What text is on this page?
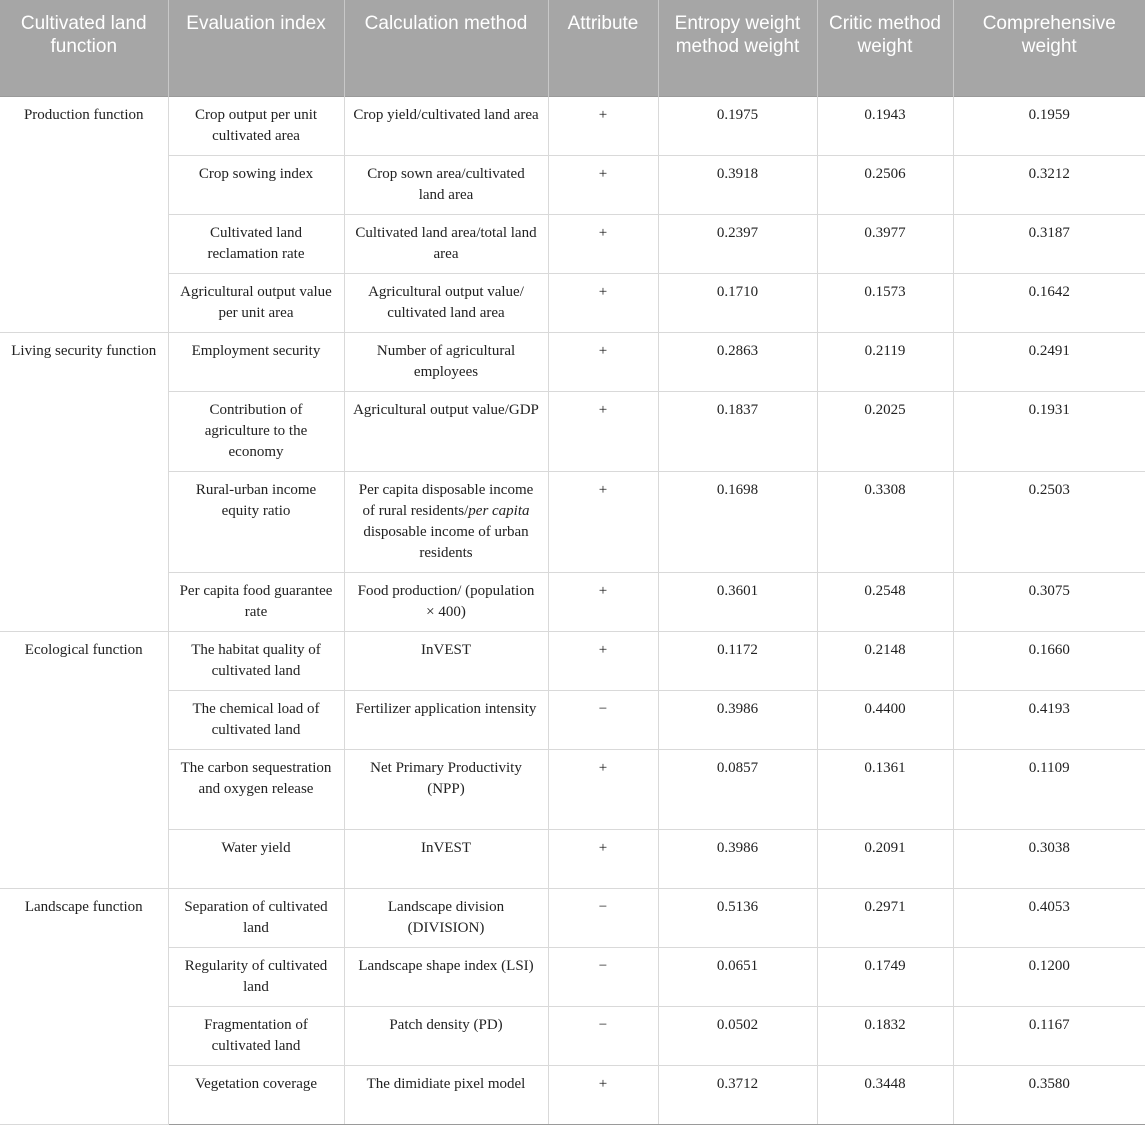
Cultivated land function	Evaluation index	Calculation method	Attribute	Entropy weight method weight	Critic method weight	Comprehensive weight
Production function	Crop output per unit cultivated area	Crop yield/cultivated land area	+	0.1975	0.1943	0.1959
	Crop sowing index	Crop sown area/cultivated land area	+	0.3918	0.2506	0.3212
	Cultivated land reclamation rate	Cultivated land area/total land area	+	0.2397	0.3977	0.3187
	Agricultural output value per unit area	Agricultural output value/ cultivated land area	+	0.1710	0.1573	0.1642
Living security function	Employment security	Number of agricultural employees	+	0.2863	0.2119	0.2491
	Contribution of agriculture to the economy	Agricultural output value/GDP	+	0.1837	0.2025	0.1931
	Rural-urban income equity ratio	Per capita disposable income of rural residents/per capita disposable income of urban residents	+	0.1698	0.3308	0.2503
	Per capita food guarantee rate	Food production/ (population × 400)	+	0.3601	0.2548	0.3075
Ecological function	The habitat quality of cultivated land	InVEST	+	0.1172	0.2148	0.1660
	The chemical load of cultivated land	Fertilizer application intensity	−	0.3986	0.4400	0.4193
	The carbon sequestration and oxygen release	Net Primary Productivity (NPP)	+	0.0857	0.1361	0.1109
	Water yield	InVEST	+	0.3986	0.2091	0.3038
Landscape function	Separation of cultivated land	Landscape division (DIVISION)	−	0.5136	0.2971	0.4053
	Regularity of cultivated land	Landscape shape index (LSI)	−	0.0651	0.1749	0.1200
	Fragmentation of cultivated land	Patch density (PD)	−	0.0502	0.1832	0.1167
	Vegetation coverage	The dimidiate pixel model	+	0.3712	0.3448	0.3580
